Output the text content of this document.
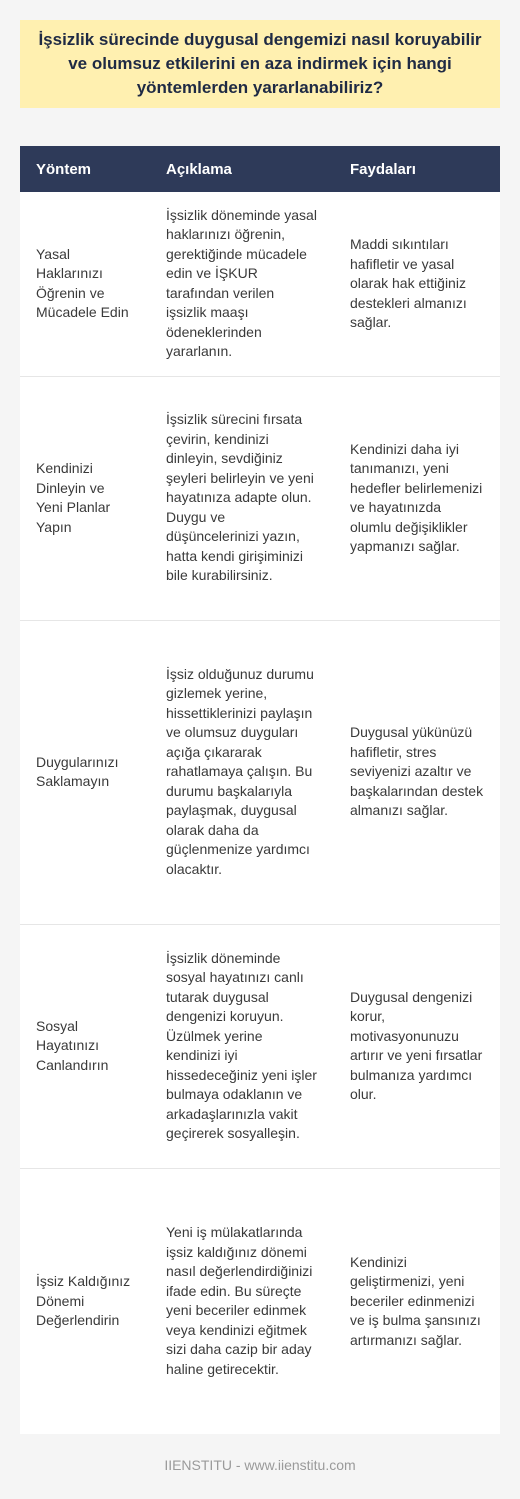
İşsizlik sürecinde duygusal dengemizi nasıl koruyabilir ve olumsuz etkilerini en aza indirmek için hangi yöntemlerden yararlanabiliriz?
Yöntem	Açıklama	Faydaları
Yasal Haklarınızı Öğrenin ve Mücadele Edin	İşsizlik döneminde yasal haklarınızı öğrenin, gerektiğinde mücadele edin ve İŞKUR tarafından verilen işsizlik maaşı ödeneklerinden yararlanın.	Maddi sıkıntıları hafifletir ve yasal olarak hak ettiğiniz destekleri almanızı sağlar.
Kendinizi Dinleyin ve Yeni Planlar Yapın	İşsizlik sürecini fırsata çevirin, kendinizi dinleyin, sevdiğiniz şeyleri belirleyin ve yeni hayatınıza adapte olun. Duygu ve düşüncelerinizi yazın, hatta kendi girişiminizi bile kurabilirsiniz.	Kendinizi daha iyi tanımanızı, yeni hedefler belirlemenizi ve hayatınızda olumlu değişiklikler yapmanızı sağlar.
Duygularınızı Saklamayın	İşsiz olduğunuz durumu gizlemek yerine, hissettiklerinizi paylaşın ve olumsuz duyguları açığa çıkararak rahatlamaya çalışın. Bu durumu başkalarıyla paylaşmak, duygusal olarak daha da güçlenmenize yardımcı olacaktır.	Duygusal yükünüzü hafifletir, stres seviyenizi azaltır ve başkalarından destek almanızı sağlar.
Sosyal Hayatınızı Canlandırın	İşsizlik döneminde sosyal hayatınızı canlı tutarak duygusal dengenizi koruyun. Üzülmek yerine kendinizi iyi hissedeceğiniz yeni işler bulmaya odaklanın ve arkadaşlarınızla vakit geçirerek sosyalleşin.	Duygusal dengenizi korur, motivasyonunuzu artırır ve yeni fırsatlar bulmanıza yardımcı olur.
İşsiz Kaldığınız Dönemi Değerlendirin	Yeni iş mülakatlarında işsiz kaldığınız dönemi nasıl değerlendirdiğinizi ifade edin. Bu süreçte yeni beceriler edinmek veya kendinizi eğitmek sizi daha cazip bir aday haline getirecektir.	Kendinizi geliştirmenizi, yeni beceriler edinmenizi ve iş bulma şansınızı artırmanızı sağlar.
IIENSTITU - www.iienstitu.com
